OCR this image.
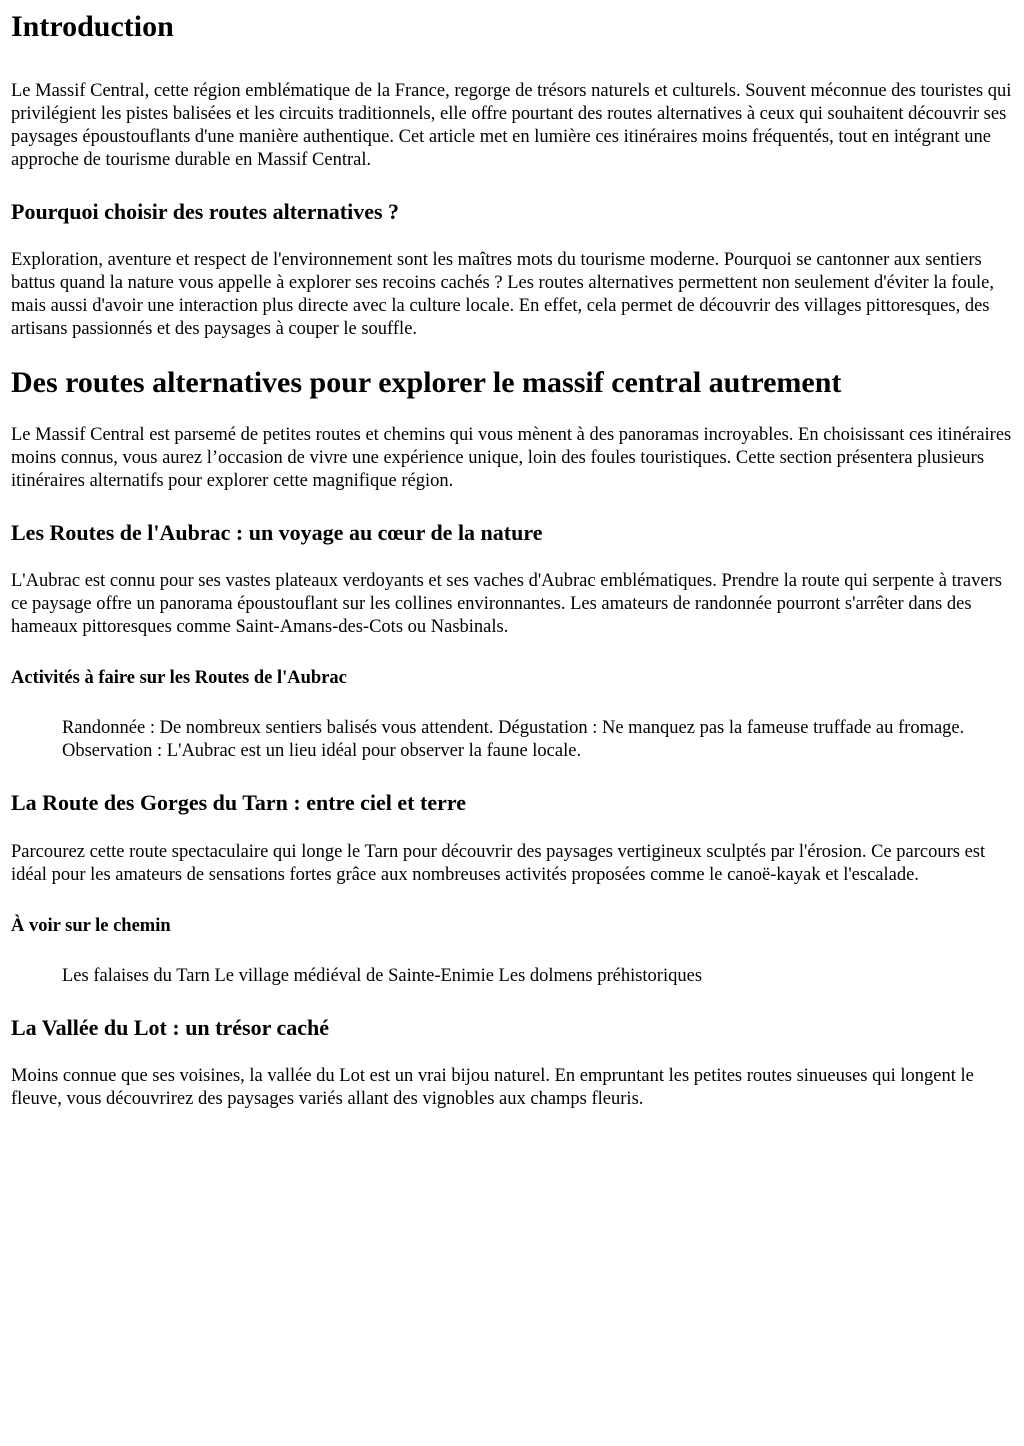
Introduction

Le Massif Central, cette région emblématique de la France, regorge de trésors naturels et culturels. Souvent méconnue des touristes qui privilégient les pistes balisées et les circuits traditionnels, elle offre pourtant des routes alternatives à ceux qui souhaitent découvrir ses paysages époustouflants d'une manière authentique. Cet article met en lumière ces itinéraires moins fréquentés, tout en intégrant une approche de tourisme durable en Massif Central.

Pourquoi choisir des routes alternatives ?

Exploration, aventure et respect de l'environnement sont les maîtres mots du tourisme moderne. Pourquoi se cantonner aux sentiers battus quand la nature vous appelle à explorer ses recoins cachés ? Les routes alternatives permettent non seulement d'éviter la foule, mais aussi d'avoir une interaction plus directe avec la culture locale. En effet, cela permet de découvrir des villages pittoresques, des artisans passionnés et des paysages à couper le souffle.

Des routes alternatives pour explorer le massif central autrement

Le Massif Central est parsemé de petites routes et chemins qui vous mènent à des panoramas incroyables. En choisissant ces itinéraires moins connus, vous aurez l’occasion de vivre une expérience unique, loin des foules touristiques. Cette section présentera plusieurs itinéraires alternatifs pour explorer cette magnifique région.

Les Routes de l'Aubrac : un voyage au cœur de la nature

L'Aubrac est connu pour ses vastes plateaux verdoyants et ses vaches d'Aubrac emblématiques. Prendre la route qui serpente à travers ce paysage offre un panorama époustouflant sur les collines environnantes. Les amateurs de randonnée pourront s'arrêter dans des hameaux pittoresques comme Saint-Amans-des-Cots ou Nasbinals.

Activités à faire sur les Routes de l'Aubrac

Randonnée : De nombreux sentiers balisés vous attendent. Dégustation : Ne manquez pas la fameuse truffade au fromage. Observation : L'Aubrac est un lieu idéal pour observer la faune locale.

La Route des Gorges du Tarn : entre ciel et terre

Parcourez cette route spectaculaire qui longe le Tarn pour découvrir des paysages vertigineux sculptés par l'érosion. Ce parcours est idéal pour les amateurs de sensations fortes grâce aux nombreuses activités proposées comme le canoë-kayak et l'escalade.

À voir sur le chemin

Les falaises du Tarn Le village médiéval de Sainte-Enimie Les dolmens préhistoriques

La Vallée du Lot : un trésor caché

Moins connue que ses voisines, la vallée du Lot est un vrai bijou naturel. En empruntant les petites routes sinueuses qui longent le fleuve, vous découvrirez des paysages variés allant des vignobles aux champs fleuris.
